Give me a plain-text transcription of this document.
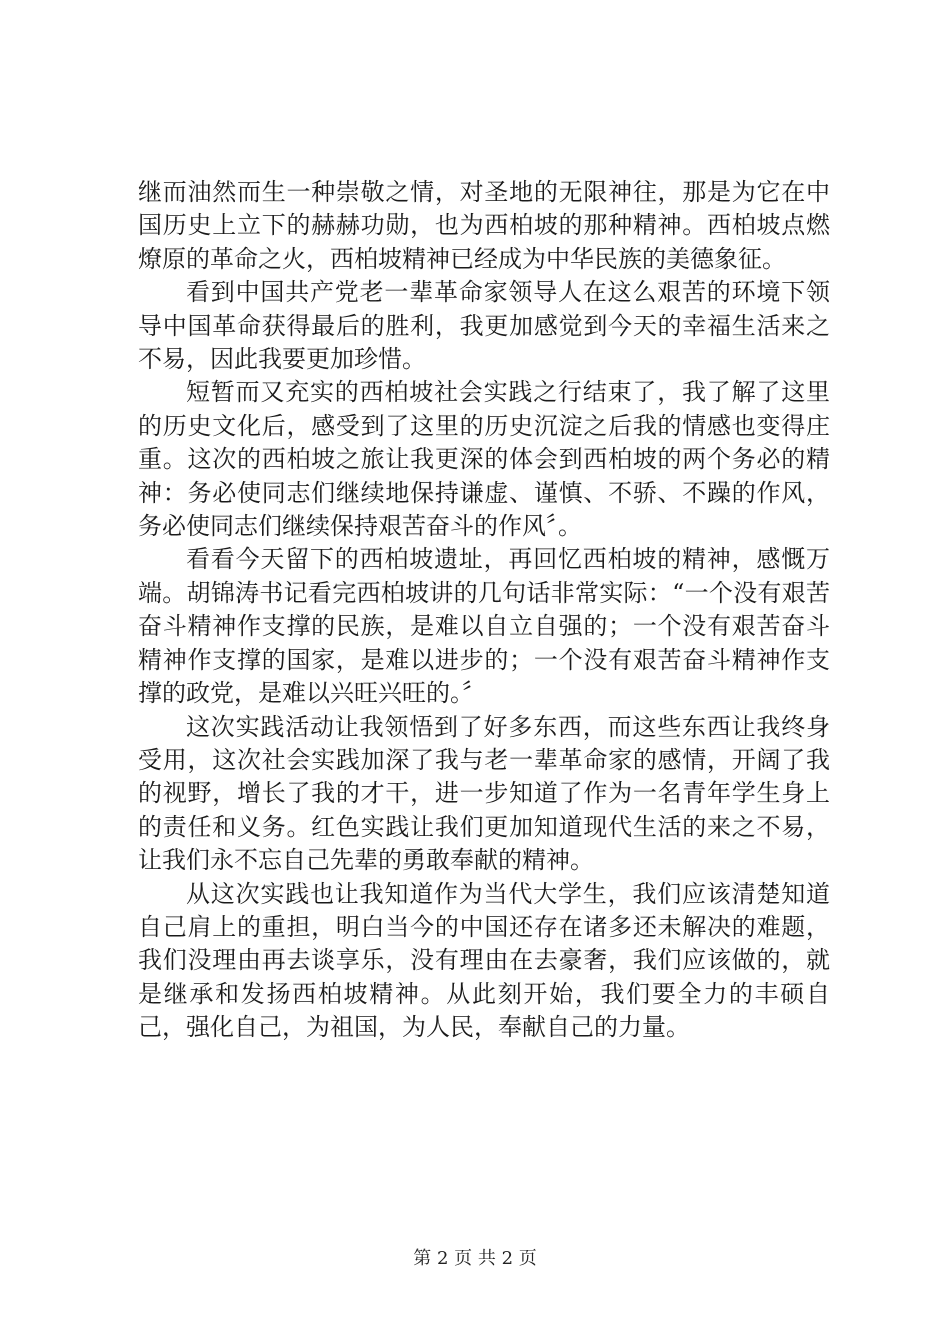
继而油然而生一种崇敬之情，对圣地的无限神往，那是为它在中国历史上立下的赫赫功勋，也为西柏坡的那种精神。西柏坡点燃燎原的革命之火，西柏坡精神已经成为中华民族的美德象征。

看到中国共产党老一辈革命家领导人在这么艰苦的环境下领导中国革命获得最后的胜利，我更加感觉到今天的幸福生活来之不易，因此我要更加珍惜。

短暂而又充实的西柏坡社会实践之行结束了，我了解了这里的历史文化后，感受到了这里的历史沉淀之后我的情感也变得庄重。这次的西柏坡之旅让我更深的体会到西柏坡的两个务必的精神：务必使同志们继续地保持谦虚、谨慎、不骄、不躁的作风，务必使同志们继续保持艰苦奋斗的作风〞。

看看今天留下的西柏坡遗址，再回忆西柏坡的精神，感慨万端。胡锦涛书记看完西柏坡讲的几句话非常实际：“一个没有艰苦奋斗精神作支撑的民族，是难以自立自强的；一个没有艰苦奋斗精神作支撑的国家，是难以进步的；一个没有艰苦奋斗精神作支撑的政党，是难以兴旺兴旺的。〞

这次实践活动让我领悟到了好多东西，而这些东西让我终身受用，这次社会实践加深了我与老一辈革命家的感情，开阔了我的视野，增长了我的才干，进一步知道了作为一名青年学生身上的责任和义务。红色实践让我们更加知道现代生活的来之不易，让我们永不忘自己先辈的勇敢奉献的精神。

从这次实践也让我知道作为当代大学生，我们应该清楚知道自己肩上的重担，明白当今的中国还存在诸多还未解决的难题，我们没理由再去谈享乐，没有理由在去豪奢，我们应该做的，就是继承和发扬西柏坡精神。从此刻开始，我们要全力的丰硕自己，强化自己，为祖国，为人民，奉献自己的力量。

第 2 页 共 2 页
